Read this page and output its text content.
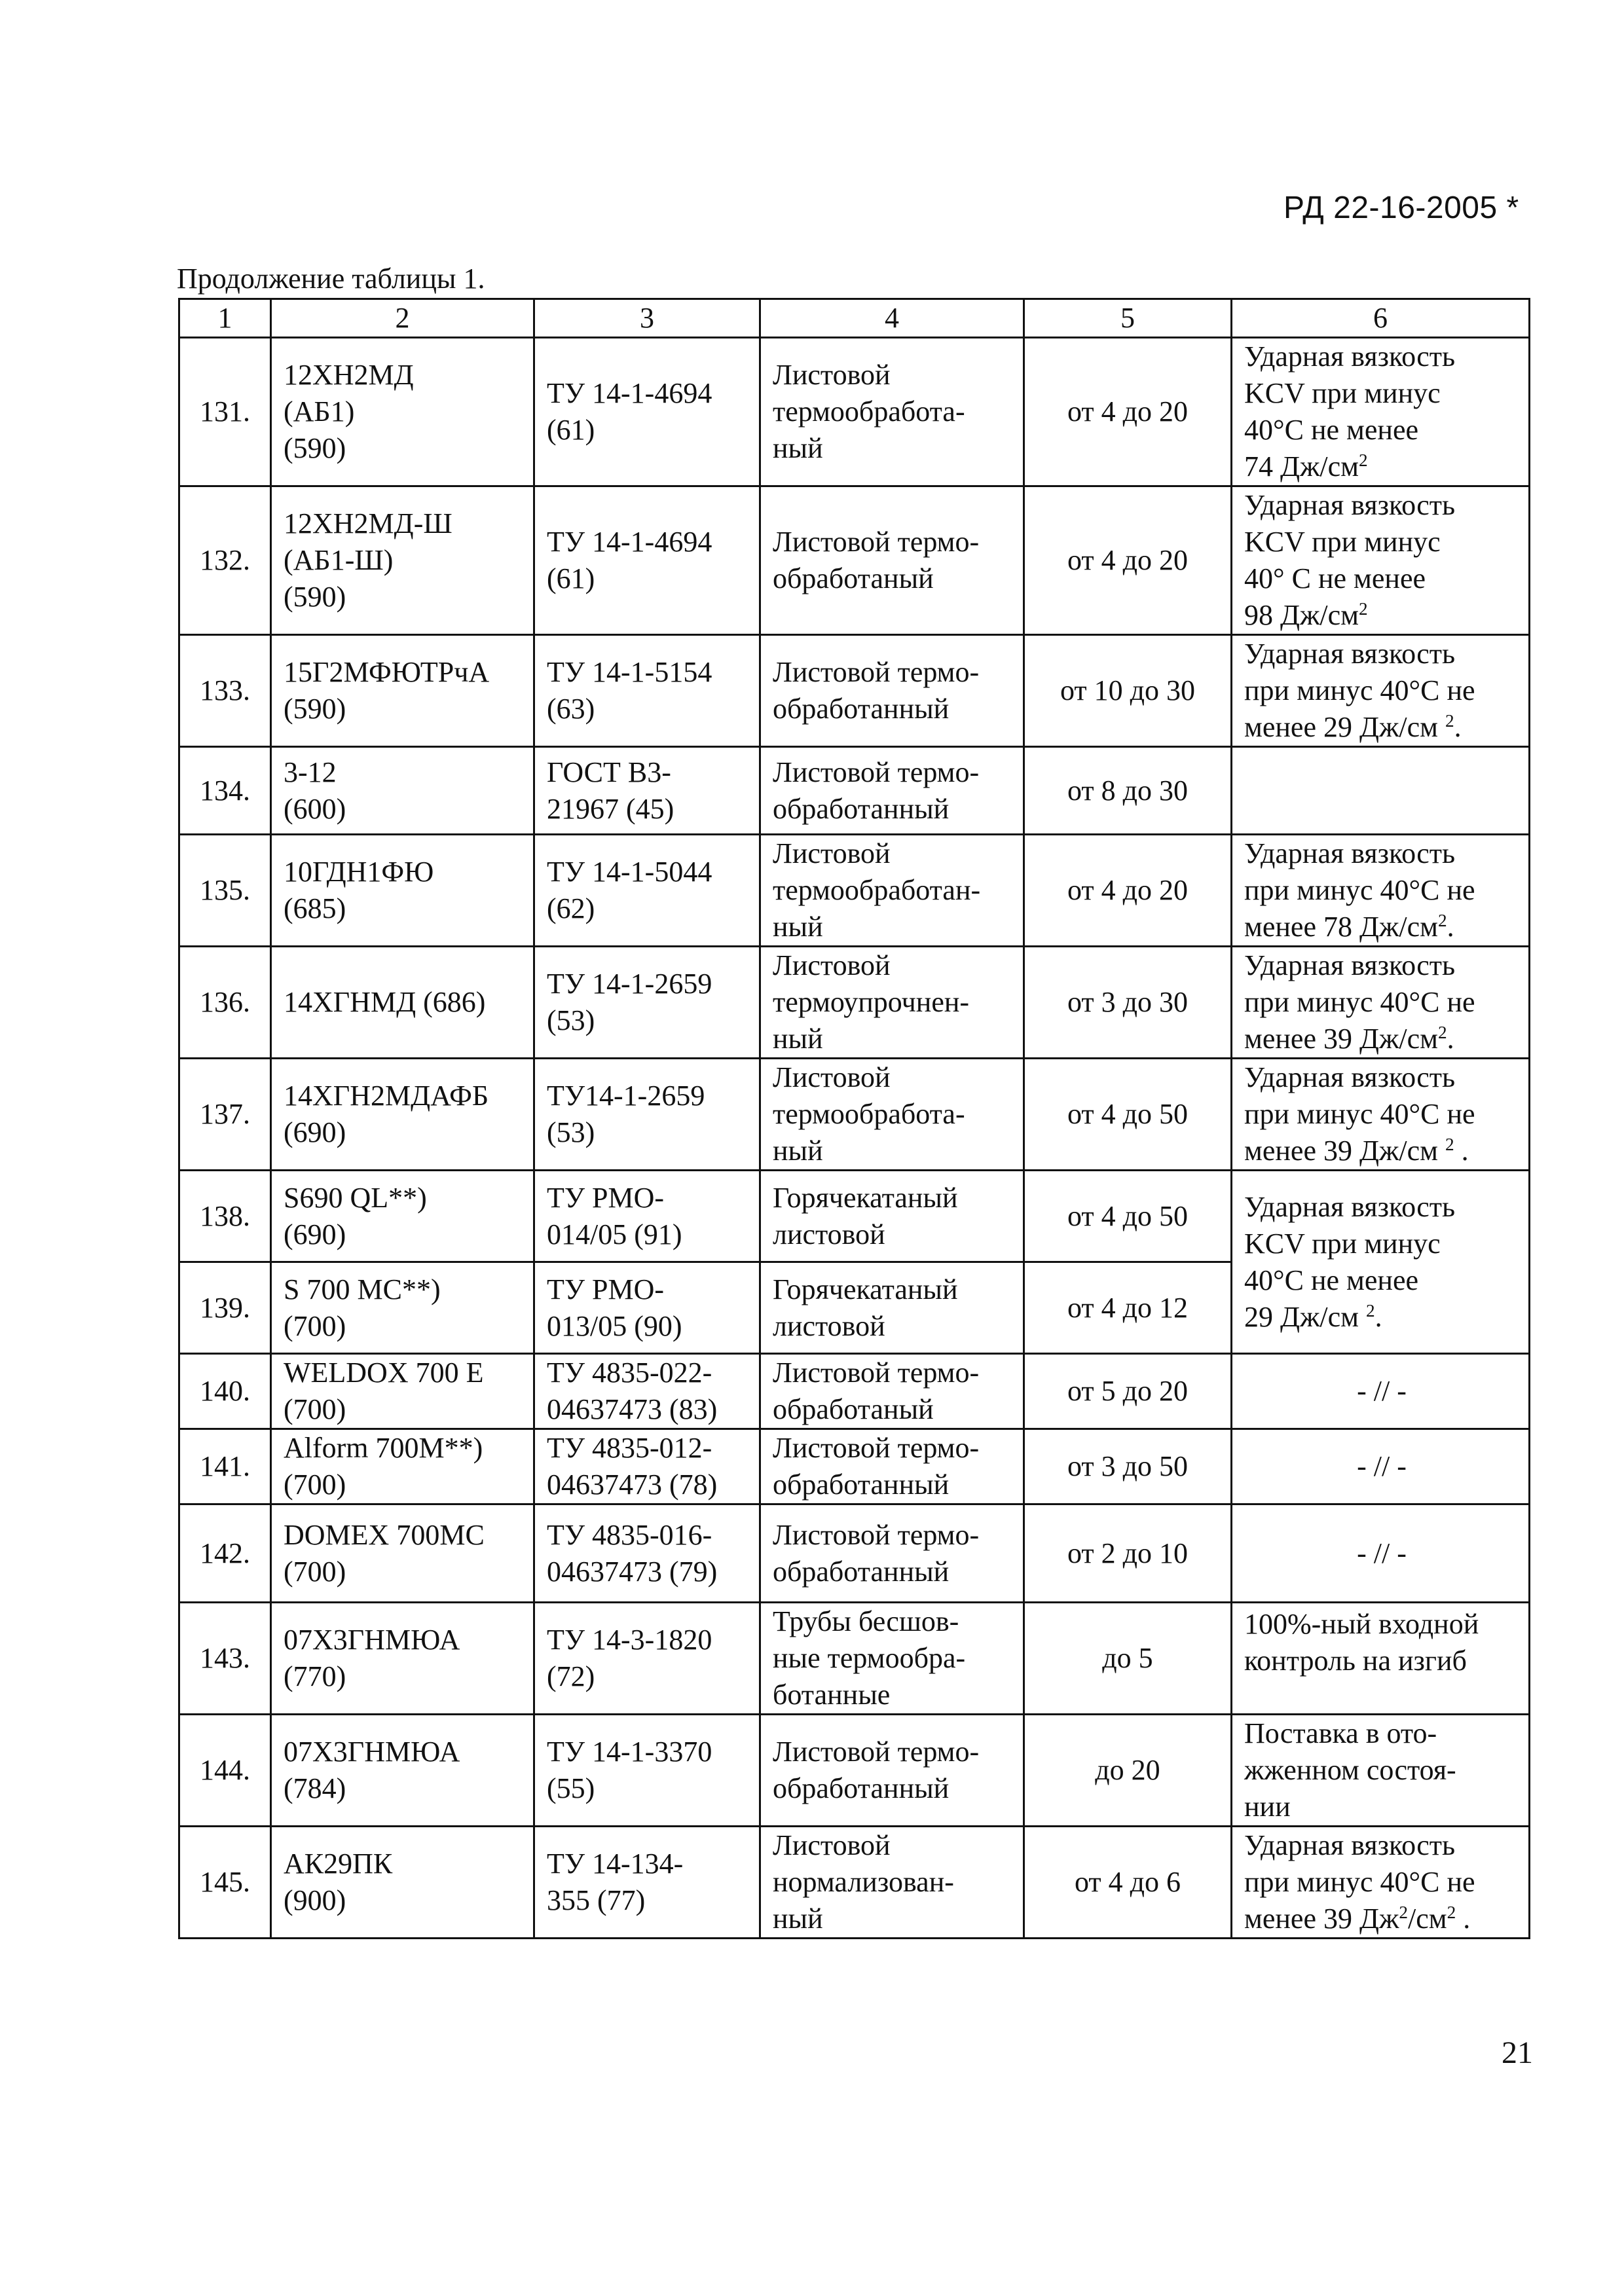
РД 22-16-2005 *
Продолжение таблицы 1.
1	2	3	4	5	6
131.	12ХН2МД
(АБ1)
(590)	ТУ 14-1-4694
(61)	Листовой
термообработа-
ный	от 4 до 20	Ударная вязкость
KCV при минус
40°C не менее
74 $Дж/см^2$
132.	12ХН2МД-Ш
(АБ1-Ш)
(590)	ТУ 14-1-4694
(61)	Листовой термо-
обработаный	от 4 до 20	Ударная вязкость
KCV при минус
40° C не менее
98 $Дж/см^2$
133.	15Г2МФЮТРчА
(590)	ТУ 14-1-5154
(63)	Листовой термо-
обработанный	от 10 до 30	Ударная вязкость
при минус 40°C не
менее 29 Дж/см $^2$.
134.	3-12
(600)	ГОСТ В3-
21967 (45)	Листовой термо-
обработанный	от 8 до 30	
135.	10ГДН1ФЮ
(685)	ТУ 14-1-5044
(62)	Листовой
термообработан-
ный	от 4 до 20	Ударная вязкость
при минус 40°C не
менее 78 $Дж/см^2$.
136.	14ХГНМД (686)	ТУ 14-1-2659
(53)	Листовой
термоупрочнен-
ный	от 3 до 30	Ударная вязкость
при минус 40°C не
менее 39 $Дж/см^2$.
137.	14ХГН2МДАФБ
(690)	ТУ14-1-2659
(53)	Листовой
термообработа-
ный	от 4 до 50	Ударная вязкость
при минус 40°C не
менее 39 Дж/см $^2$ .
138.	S690 QL**)
(690)	ТУ РМО-
014/05 (91)	Горячекатаный
листовой	от 4 до 50	Ударная вязкость
KCV при минус
40°C не менее
29 Дж/см $^2$.
139.	S 700 MC**)
(700)	ТУ РМО-
013/05 (90)	Горячекатаный
листовой	от 4 до 12	
140.	WELDOX 700 E
(700)	ТУ 4835-022-
04637473 (83)	Листовой термо-
обработаный	от 5 до 20	- // -
141.	Alform 700M**)
(700)	ТУ 4835-012-
04637473 (78)	Листовой термо-
обработанный	от 3 до 50	- // -
142.	DOMEX 700MC
(700)	ТУ 4835-016-
04637473 (79)	Листовой термо-
обработанный	от 2 до 10	- // -
143.	07Х3ГНМЮА
(770)	ТУ 14-3-1820
(72)	Трубы бесшов-
ные термообра-
ботанные	до 5	100%-ный входной
контроль на изгиб
144.	07Х3ГНМЮА
(784)	ТУ 14-1-3370
(55)	Листовой термо-
обработанный	до 20	Поставка в ото-
жженном состоя-
нии
145.	АК29ПК
(900)	ТУ 14-134-
355 (77)	Листовой
нормализован-
ный	от 4 до 6	Ударная вязкость
при минус 40°C не
менее 39 $Дж^2/см^2$ .
21
